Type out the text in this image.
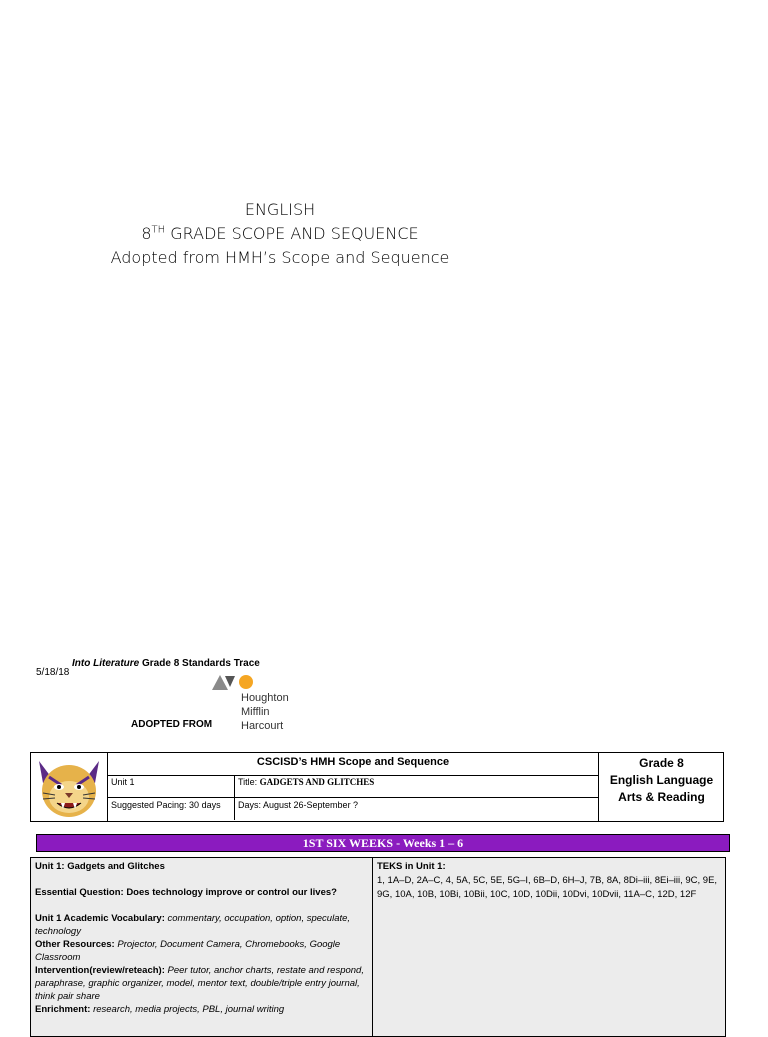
ENGLISH
8TH GRADE SCOPE AND SEQUENCE
Adopted from HMH’s Scope and Sequence
5/18/18
Into Literature Grade 8 Standards Trace
Houghton
Mifflin
Harcourt
ADOPTED FROM
CSCISD’s HMH Scope and Sequence
Unit 1	Title: GADGETS AND GLITCHES
Suggested Pacing: 30 days	Days: August 26-September ?
Grade 8
English Language
Arts & Reading
1ST SIX WEEKS - Weeks 1 – 6
Unit 1: Gadgets and Glitches
Essential Question: Does technology improve or control our lives?
Unit 1 Academic Vocabulary: commentary, occupation, option, speculate, technology
Other Resources: Projector, Document Camera, Chromebooks, Google Classroom
Intervention(review/reteach): Peer tutor, anchor charts, restate and respond, paraphrase, graphic organizer, model, mentor text, double/triple entry journal, think pair share
Enrichment: research, media projects, PBL, journal writing
TEKS in Unit 1:
1, 1A–D, 2A–C, 4, 5A, 5C, 5E, 5G–I, 6B–D, 6H–J, 7B, 8A, 8Di–iii, 8Ei–iii, 9C, 9E, 9G, 10A, 10B, 10Bi, 10Bii, 10C, 10D, 10Dii, 10Dvi, 10Dvii, 11A–C, 12D, 12F
